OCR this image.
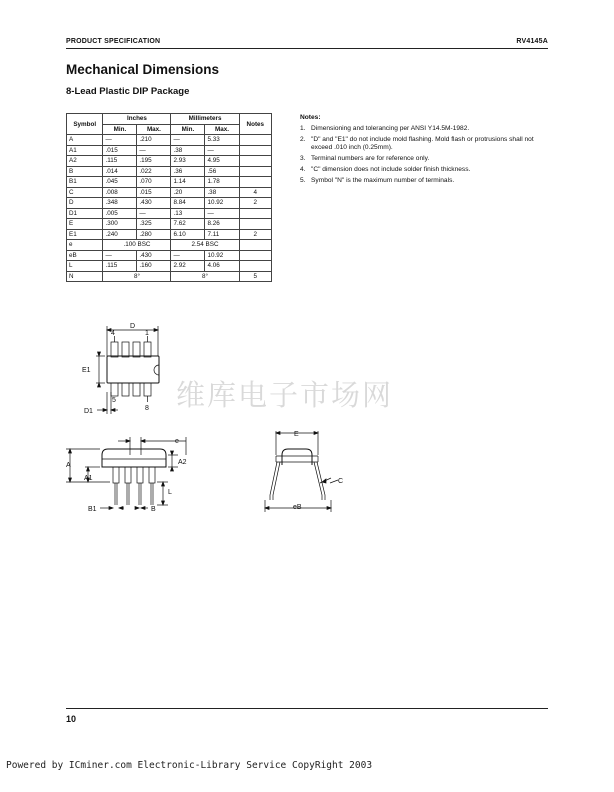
PRODUCT SPECIFICATION	RV4145A
Mechanical Dimensions
8-Lead Plastic DIP Package
Symbol	Inches		Millimeters		Notes
	Min.	Max.	Min.	Max.	
A	—	.210	—	5.33	
A1	.015	—	.38	—	
A2	.115	.195	2.93	4.95	
B	.014	.022	.36	.56	
B1	.045	.070	1.14	1.78	
C	.008	.015	.20	.38	4
D	.348	.430	8.84	10.92	2
D1	.005	—	.13	—	
E	.300	.325	7.62	8.26	
E1	.240	.280	6.10	7.11	2
e	.100 BSC		2.54 BSC		
eB	—	.430	—	10.92	
L	.115	.160	2.92	4.06	
N	8°		8°		5
Notes:
1. Dimensioning and tolerancing per ANSI Y14.5M-1982.
2. "D" and "E1" do not include mold flashing. Mold flash or protrusions shall not exceed .010 inch (0.25mm).
3. Terminal numbers are for reference only.
4. "C" dimension does not include solder finish thickness.
5. Symbol "N" is the maximum number of terminals.
维库电子市场网
D
4	1
E1
5
8
D1
e
A
A1
A2
L
B1	B
E
C
eB
10
Powered by ICminer.com Electronic-Library Service CopyRight 2003
